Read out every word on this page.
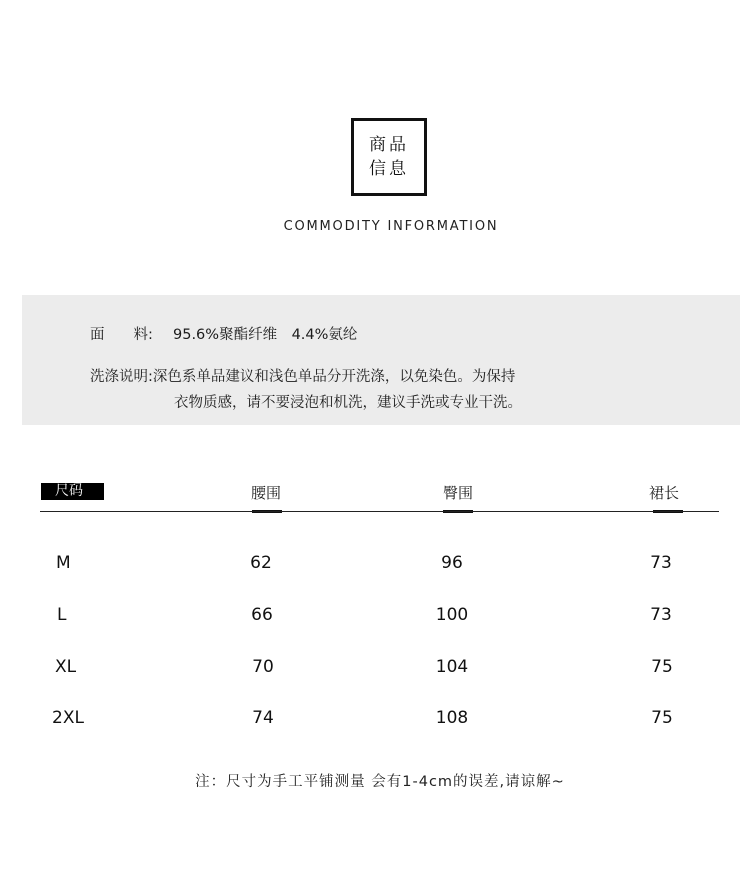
商品
信息
COMMODITY INFORMATION
面　　料: 95.6%聚酯纤维　4.4%氨纶
洗涤说明:深色系单品建议和浅色单品分开洗涤，以免染色。为保持
衣物质感，请不要浸泡和机洗，建议手洗或专业干洗。
尺码	腰围	臀围	裙长
M	62	96	73
L	66	100	73
XL	70	104	75
2XL	74	108	75
注：尺寸为手工平铺测量 会有1-4cm的误差,请谅解~
